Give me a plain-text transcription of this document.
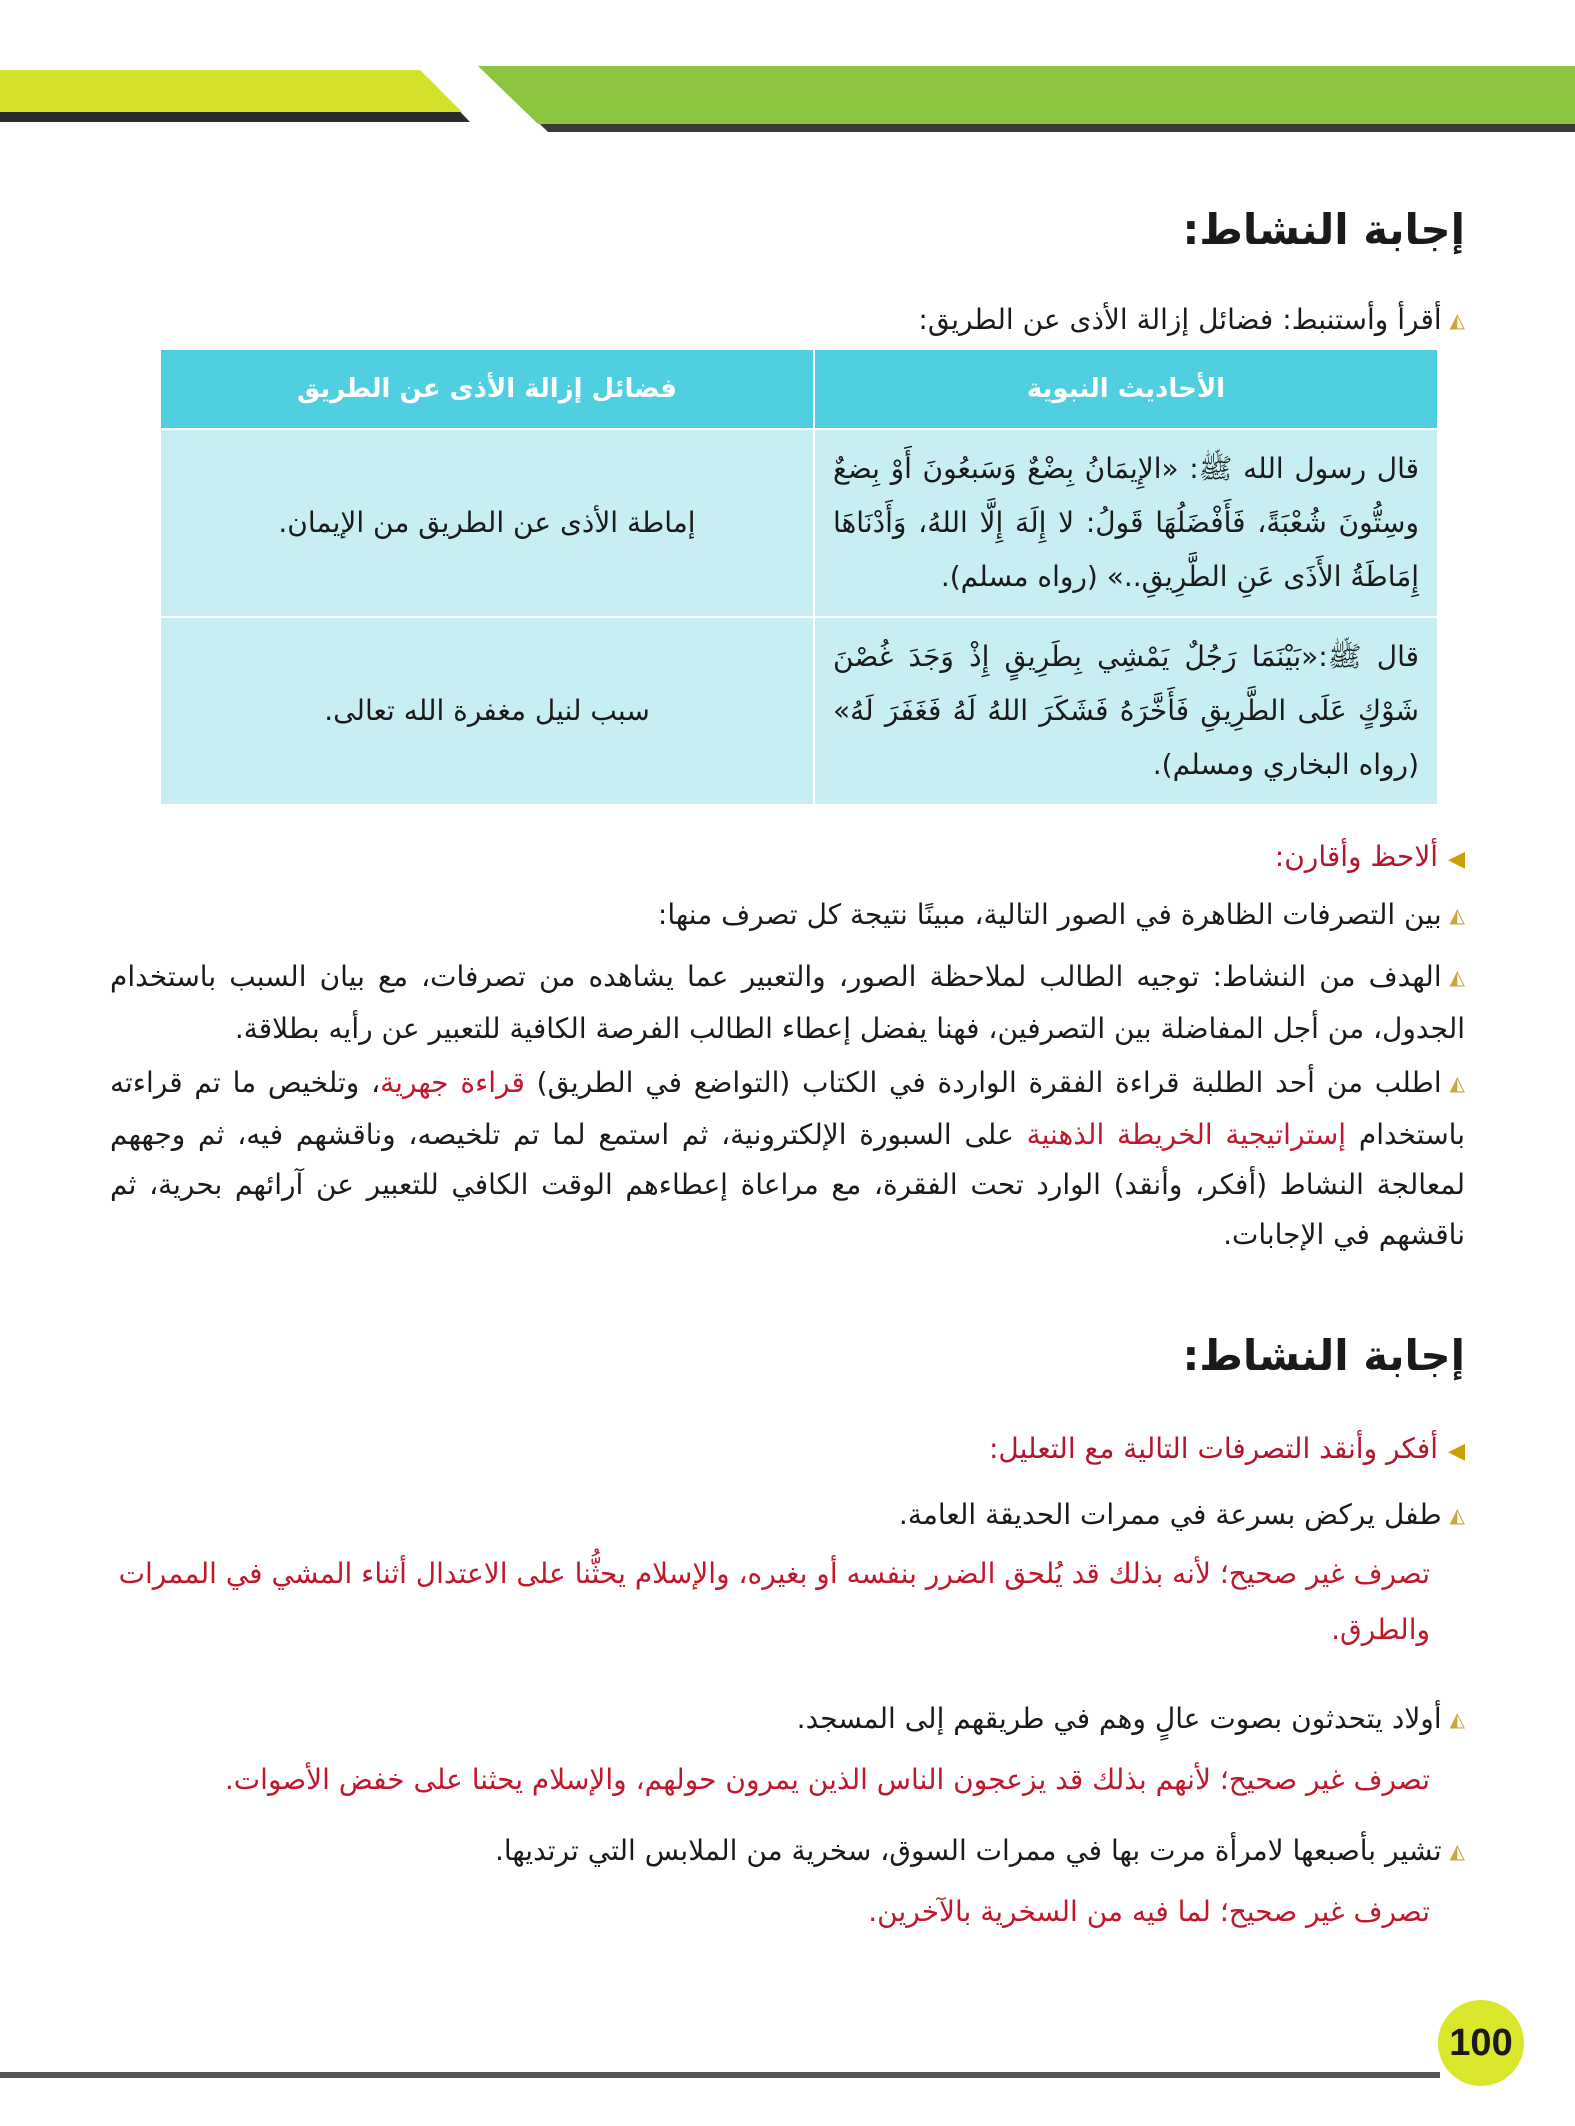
إجابة النشاط:
◭أقرأ وأستنبط: فضائل إزالة الأذى عن الطريق:
الأحاديث النبوية	فضائل إزالة الأذى عن الطريق
قال رسول الله ﷺ: «الإِيمَانُ بِضْعٌ وَسَبعُونَ أَوْ بِضعٌ وسِتُّونَ شُعْبَةً، فَأَفْضَلُهَا قَولُ: لا إِلَهَ إِلَّا اللهُ، وَأَدْنَاهَا إِمَاطَةُ الأَذَى عَنِ الطَّرِيقِ..» (رواه مسلم).	إماطة الأذى عن الطريق من الإيمان.
قال ﷺ:«بَيْنَمَا رَجُلٌ يَمْشِي بِطَرِيقٍ إِذْ وَجَدَ غُصْنَ شَوْكٍ عَلَى الطَّرِيقِ فَأَخَّرَهُ فَشَكَرَ اللهُ لَهُ فَغَفَرَ لَهُ» (رواه البخاري ومسلم).	سبب لنيل مغفرة الله تعالى.
◀ألاحظ وأقارن:
◭بين التصرفات الظاهرة في الصور التالية، مبينًا نتيجة كل تصرف منها:
◭الهدف من النشاط: توجيه الطالب لملاحظة الصور، والتعبير عما يشاهده من تصرفات، مع بيان السبب باستخدام الجدول، من أجل المفاضلة بين التصرفين، فهنا يفضل إعطاء الطالب الفرصة الكافية للتعبير عن رأيه بطلاقة.
◭اطلب من أحد الطلبة قراءة الفقرة الواردة في الكتاب (التواضع في الطريق) قراءة جهرية، وتلخيص ما تم قراءته باستخدام إستراتيجية الخريطة الذهنية على السبورة الإلكترونية، ثم استمع لما تم تلخيصه، وناقشهم فيه، ثم وجههم لمعالجة النشاط (أفكر، وأنقد) الوارد تحت الفقرة، مع مراعاة إعطاءهم الوقت الكافي للتعبير عن آرائهم بحرية، ثم ناقشهم في الإجابات.
إجابة النشاط:
◀أفكر وأنقد التصرفات التالية مع التعليل:
◭طفل يركض بسرعة في ممرات الحديقة العامة.
تصرف غير صحيح؛ لأنه بذلك قد يُلحق الضرر بنفسه أو بغيره، والإسلام يحثُّنا على الاعتدال أثناء المشي في الممرات والطرق.
◭أولاد يتحدثون بصوت عالٍ وهم في طريقهم إلى المسجد.
تصرف غير صحيح؛ لأنهم بذلك قد يزعجون الناس الذين يمرون حولهم، والإسلام يحثنا على خفض الأصوات.
◭تشير بأصبعها لامرأة مرت بها في ممرات السوق، سخرية من الملابس التي ترتديها.
تصرف غير صحيح؛ لما فيه من السخرية بالآخرين.
100
